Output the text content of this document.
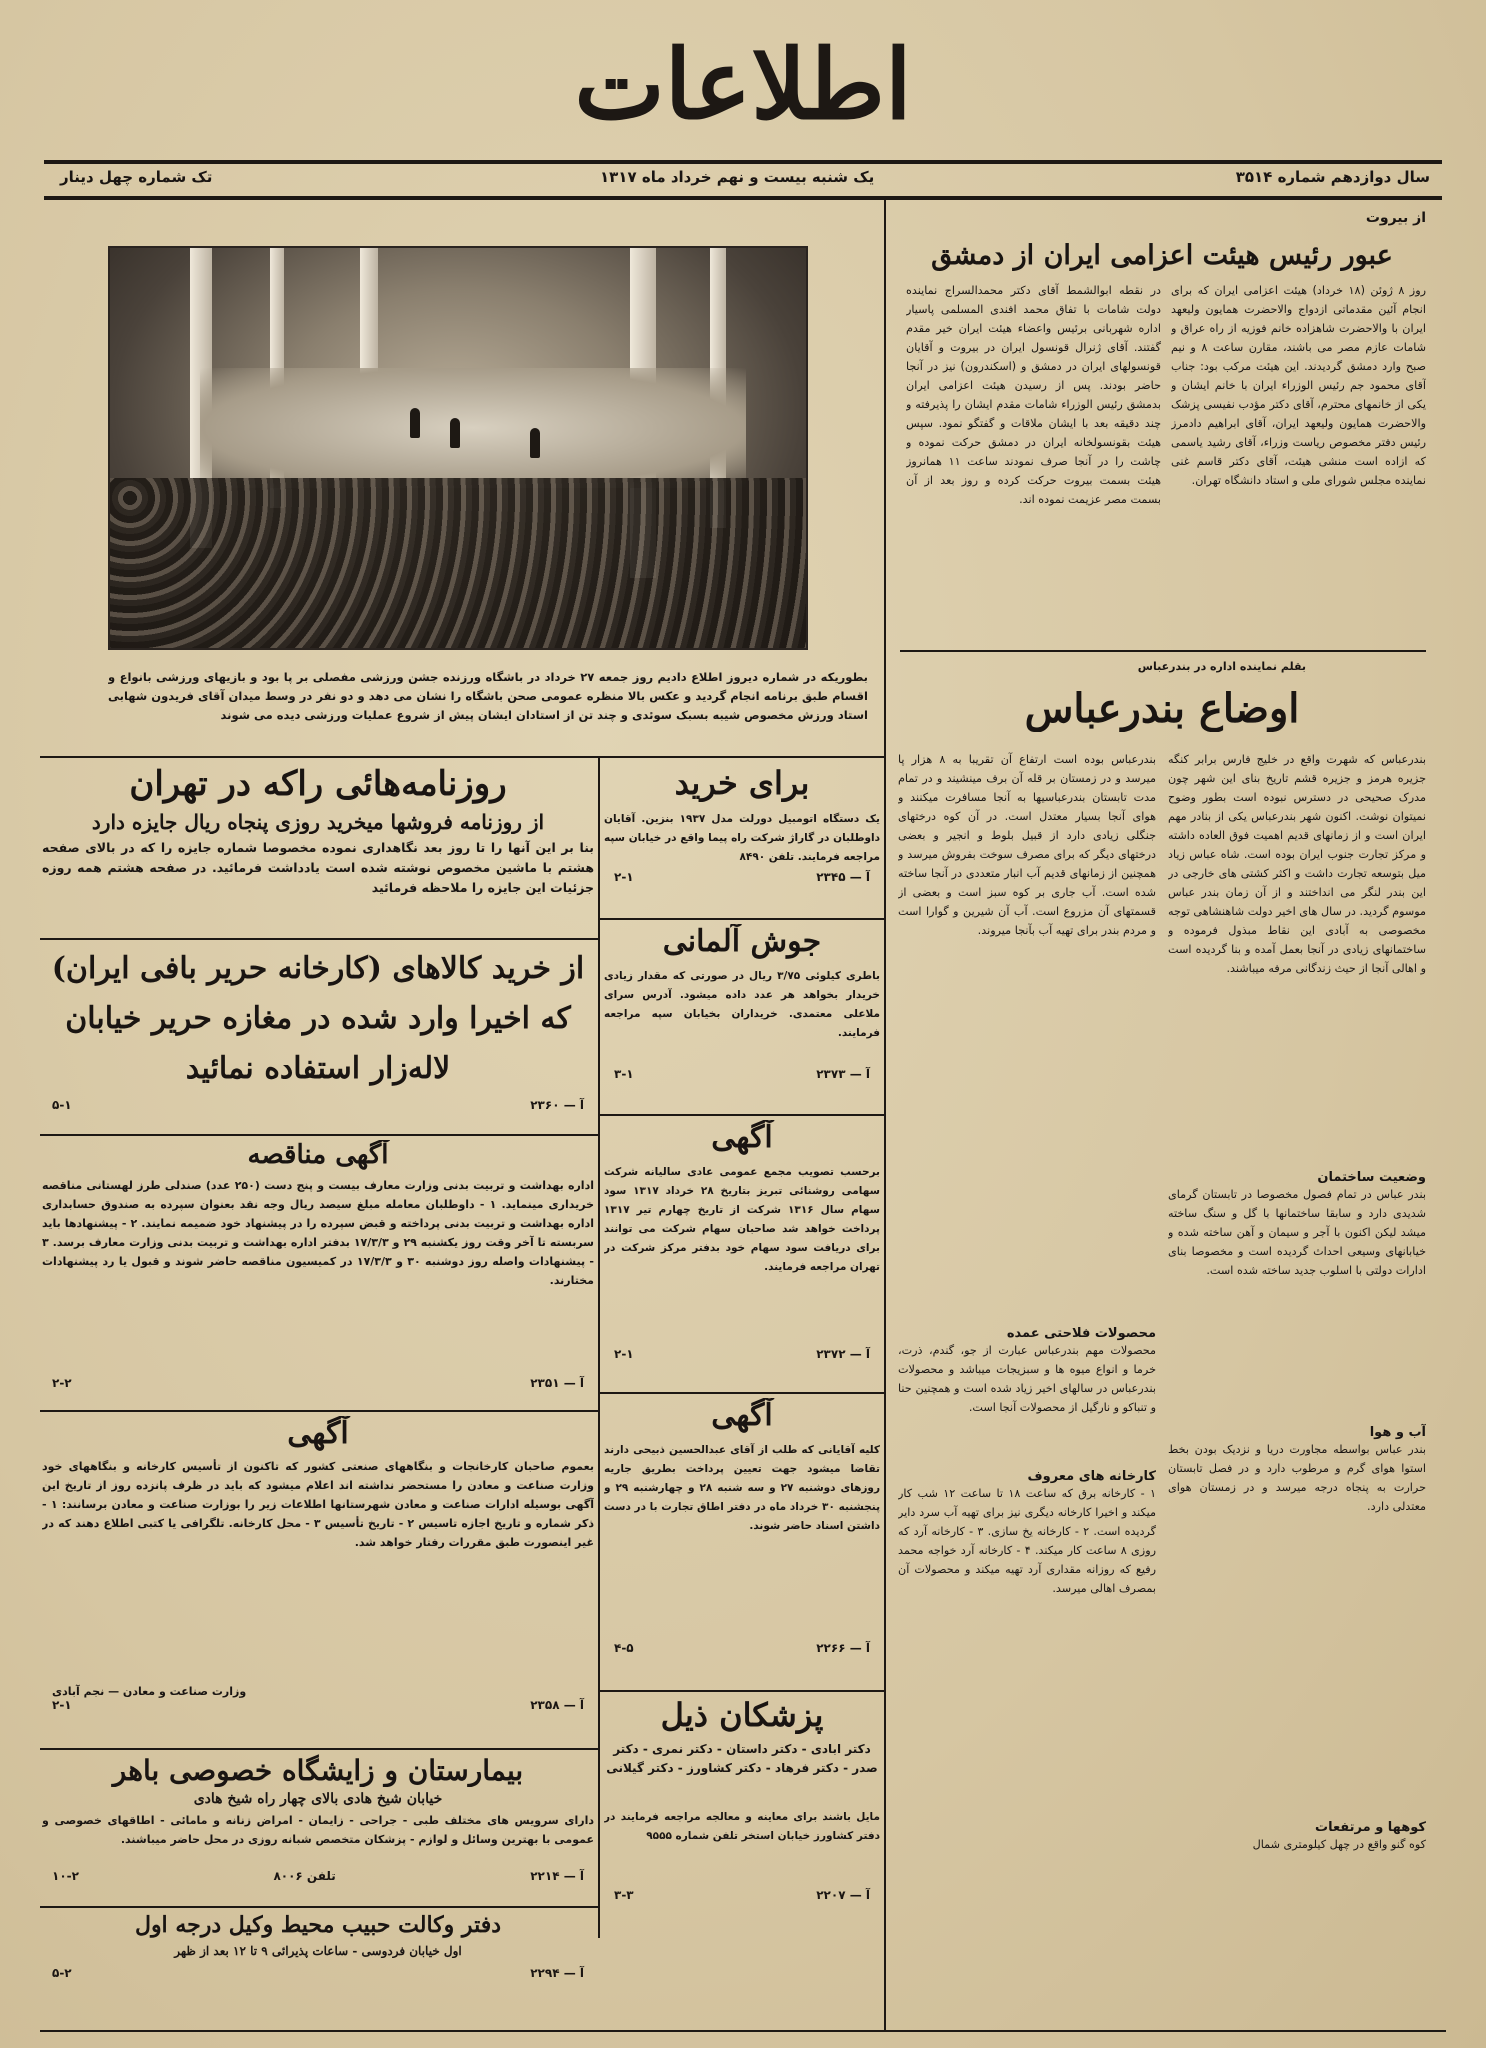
اطلاعات
سال دوازدهم شماره ۳۵۱۴
یک شنبه بیست و نهم خرداد ماه ۱۳۱۷
تک شماره چهل دینار
از بیروت
عبور رئیس هیئت اعزامی ایران از دمشق
روز ۸ ژوئن (۱۸ خرداد) هیئت اعزامی ایران که برای انجام آئین مقدماتی ازدواج والاحضرت همایون ولیعهد ایران با والاحضرت شاهزاده خانم فوزیه از راه عراق و شامات عازم مصر می باشند، مقارن ساعت ۸ و نیم صبح وارد دمشق گردیدند. این هیئت مرکب بود: جناب آقای محمود جم رئیس الوزراء ایران با خانم ایشان و یکی از خانمهای محترم، آقای دکتر مؤدب نفیسی پزشک والاحضرت همایون ولیعهد ایران، آقای ابراهیم دادمرز رئیس دفتر مخصوص ریاست وزراء، آقای رشید یاسمی که ازاده است منشی هیئت، آقای دکتر قاسم غنی نماینده مجلس شورای ملی و استاد دانشگاه تهران.
در نقطه ابوالشمط آقای دکتر محمدالسراج نماینده دولت شامات با تفاق محمد افندی المسلمی پاسیار اداره شهربانی برئیس واعضاء هیئت ایران خیر مقدم گفتند. آقای ژنرال قونسول ایران در بیروت و آقایان قونسولهای ایران در دمشق و (اسکندرون) نیز در آنجا حاضر بودند. پس از رسیدن هیئت اعزامی ایران بدمشق رئیس الوزراء شامات مقدم ایشان را پذیرفته و چند دقیقه بعد با ایشان ملاقات و گفتگو نمود. سپس هیئت بقونسولخانه ایران در دمشق حرکت نموده و چاشت را در آنجا صرف نمودند ساعت ۱۱ همانروز هیئت بسمت بیروت حرکت کرده و روز بعد از آن بسمت مصر عزیمت نموده اند.
بقلم نماینده اداره در بندرعباس
اوضاع بندرعباس
بندرعباس که شهرت واقع در خلیج فارس برابر کنگه جزیره هرمز و جزیره قشم تاریخ بنای این شهر چون مدرک صحیحی در دسترس نبوده است بطور وضوح نمیتوان نوشت. اکنون شهر بندرعباس یکی از بنادر مهم ایران است و از زمانهای قدیم اهمیت فوق العاده داشته و مرکز تجارت جنوب ایران بوده است. شاه عباس زیاد میل بتوسعه تجارت داشت و اکثر کشتی های خارجی در این بندر لنگر می انداختند و از آن زمان بندر عباس موسوم گردید. در سال های اخیر دولت شاهنشاهی توجه مخصوصی به آبادی این نقاط مبذول فرموده و ساختمانهای زیادی در آنجا بعمل آمده و بنا گردیده است و اهالی آنجا از حیث زندگانی مرفه میباشند.
وضعیت ساختمان
بندر عباس در تمام فصول مخصوصا در تابستان گرمای شدیدی دارد و سابقا ساختمانها با گل و سنگ ساخته میشد لیکن اکنون با آجر و سیمان و آهن ساخته شده و خیابانهای وسیعی احداث گردیده است و مخصوصا بنای ادارات دولتی با اسلوب جدید ساخته شده است.
آب و هوا
بندر عباس بواسطه مجاورت دریا و نزدیک بودن بخط استوا هوای گرم و مرطوب دارد و در فصل تابستان حرارت به پنجاه درجه میرسد و در زمستان هوای معتدلی دارد.
کوهها و مرتفعات
کوه گنو واقع در چهل کیلومتری شمال
بندرعباس بوده است ارتفاع آن تقریبا به ۸ هزار پا میرسد و در زمستان بر قله آن برف مینشیند و در تمام مدت تابستان بندرعباسیها به آنجا مسافرت میکنند و هوای آنجا بسیار معتدل است. در آن کوه درختهای جنگلی زیادی دارد از قبیل بلوط و انجیر و بعضی درختهای دیگر که برای مصرف سوخت بفروش میرسد و همچنین از زمانهای قدیم آب انبار متعددی در آنجا ساخته شده است. آب جاری بر کوه سبز است و بعضی از قسمتهای آن مزروع است. آب آن شیرین و گوارا است و مردم بندر برای تهیه آب بآنجا میروند.
محصولات فلاحتی عمده
محصولات مهم بندرعباس عبارت از جو، گندم، ذرت، خرما و انواع میوه ها و سبزیجات میباشد و محصولات بندرعباس در سالهای اخیر زیاد شده است و همچنین حنا و تنباکو و نارگیل از محصولات آنجا است.
کارخانه های معروف
۱ - کارخانه برق که ساعت ۱۸ تا ساعت ۱۲ شب کار میکند و اخیرا کارخانه دیگری نیز برای تهیه آب سرد دایر گردیده است. ۲ - کارخانه یخ سازی. ۳ - کارخانه آرد که روزی ۸ ساعت کار میکند. ۴ - کارخانه آرد خواجه محمد رفیع که روزانه مقداری آرد تهیه میکند و محصولات آن بمصرف اهالی میرسد.
بطوریکه در شماره دیروز اطلاع دادیم روز جمعه ۲۷ خرداد در باشگاه ورزنده جشن ورزشی مفصلی بر پا بود و بازیهای ورزشی بانواع و اقسام طبق برنامه انجام گردید و عکس بالا منظره عمومی صحن باشگاه را نشان می دهد و دو نفر در وسط میدان آقای فریدون شهابی استاد ورزش مخصوص شیبه بسبک سوئدی و چند تن از استادان ایشان پیش از شروع عملیات ورزشی دیده می شوند
روزنامه‌هائی راکه در تهران
از روزنامه فروشها میخرید روزی پنجاه ریال جایزه دارد
بنا بر این آنها را تا روز بعد نگاهداری نموده مخصوصا شماره جایزه را که در بالای صفحه هشتم با ماشین مخصوص نوشته شده است یادداشت فرمائید. در صفحه هشتم همه روزه جزئیات این جایزه را ملاحظه فرمائید
از خرید کالاهای (کارخانه حریر بافی ایران) که اخیرا وارد شده در مغازه حریر خیابان لاله‌زار استفاده نمائید
آ — ۲۳۶۰
۵-۱
آگهی مناقصه
اداره بهداشت و تربیت بدنی وزارت معارف بیست و پنج دست (۲۵۰ عدد) صندلی طرز لهستانی مناقصه خریداری مینماید. ۱ - داوطلبان معامله مبلغ سیصد ریال وجه نقد بعنوان سپرده به صندوق حسابداری اداره بهداشت و تربیت بدنی پرداخته و قبض سپرده را در پیشنهاد خود ضمیمه نمایند. ۲ - پیشنهادها باید سربسته تا آخر وقت روز یکشنبه ۲۹ و ۱۷/۳/۳ بدفتر اداره بهداشت و تربیت بدنی وزارت معارف برسد. ۳ - پیشنهادات واصله روز دوشنبه ۳۰ و ۱۷/۳/۳ در کمیسیون مناقصه حاضر شوند و قبول یا رد پیشنهادات مختارند.
آ — ۲۳۵۱
۲-۲
آگهی
بعموم صاحبان کارخانجات و بنگاههای صنعتی کشور که تاکنون از تأسیس کارخانه و بنگاههای خود وزارت صناعت و معادن را مستحضر نداشته اند اعلام میشود که باید در ظرف پانزده روز از تاریخ این آگهی بوسیله ادارات صناعت و معادن شهرستانها اطلاعات زیر را بوزارت صناعت و معادن برسانند: ۱ - ذکر شماره و تاریخ اجازه تاسیس ۲ - تاریخ تأسیس ۳ - محل کارخانه. تلگرافی یا کتبی اطلاع دهند که در غیر اینصورت طبق مقررات رفتار خواهد شد.
وزارت صناعت و معادن — نجم آبادی
آ — ۲۳۵۸
۲-۱
بیمارستان و زایشگاه خصوصی باهر
خیابان شیخ هادی بالای چهار راه شیخ هادی
دارای سرویس های مختلف طبی - جراحی - زایمان - امراض زنانه و مامائی - اطاقهای خصوصی و عمومی با بهترین وسائل و لوازم - پزشکان متخصص شبانه روزی در محل حاضر میباشند.
آ — ۲۲۱۴
تلفن ۸۰۰۶
۱۰-۲
دفتر وکالت حبیب محیط وکیل درجه اول
اول خیابان فردوسی - ساعات پذیرائی ۹ تا ۱۲ بعد از ظهر
آ — ۲۲۹۴
۵-۲
برای خرید
یک دستگاه اتومبیل دورلت مدل ۱۹۳۷ بنزین. آقایان داوطلبان در گاراژ شرکت راه پیما واقع در خیابان سپه مراجعه فرمایند. تلفن ۸۴۹۰
آ — ۲۳۴۵
۲-۱
جوش آلمانی
باطری کیلوئی ۳/۷۵ ریال در صورتی که مقدار زیادی خریدار بخواهد هر عدد داده میشود. آدرس سرای ملاعلی معتمدی. خریداران بخیابان سپه مراجعه فرمایند.
آ — ۲۳۷۳
۳-۱
آگهی
برحسب تصویب مجمع عمومی عادی سالیانه شرکت سهامی روشنائی تبریز بتاریخ ۲۸ خرداد ۱۳۱۷ سود سهام سال ۱۳۱۶ شرکت از تاریخ چهارم تیر ۱۳۱۷ پرداخت خواهد شد صاحبان سهام شرکت می توانند برای دریافت سود سهام خود بدفتر مرکز شرکت در تهران مراجعه فرمایند.
آ — ۲۳۷۲
۲-۱
آگهی
کلیه آقایانی که طلب از آقای عبدالحسین ذبیحی دارند تقاضا میشود جهت تعیین پرداخت بطریق جاریه روزهای دوشنبه ۲۷ و سه شنبه ۲۸ و چهارشنبه ۲۹ و پنجشنبه ۳۰ خرداد ماه در دفتر اطاق تجارت با در دست داشتن اسناد حاضر شوند.
آ — ۲۲۶۶
۴-۵
پزشکان ذیل
دکتر ابادی - دکتر داستان - دکتر نمری - دکتر صدر - دکتر فرهاد - دکتر کشاورز - دکتر گیلانی
مایل باشند برای معاینه و معالجه مراجعه فرمایند در دفتر کشاورز خیابان استخر تلفن شماره ۹۵۵۵
آ — ۲۲۰۷
۳-۳
